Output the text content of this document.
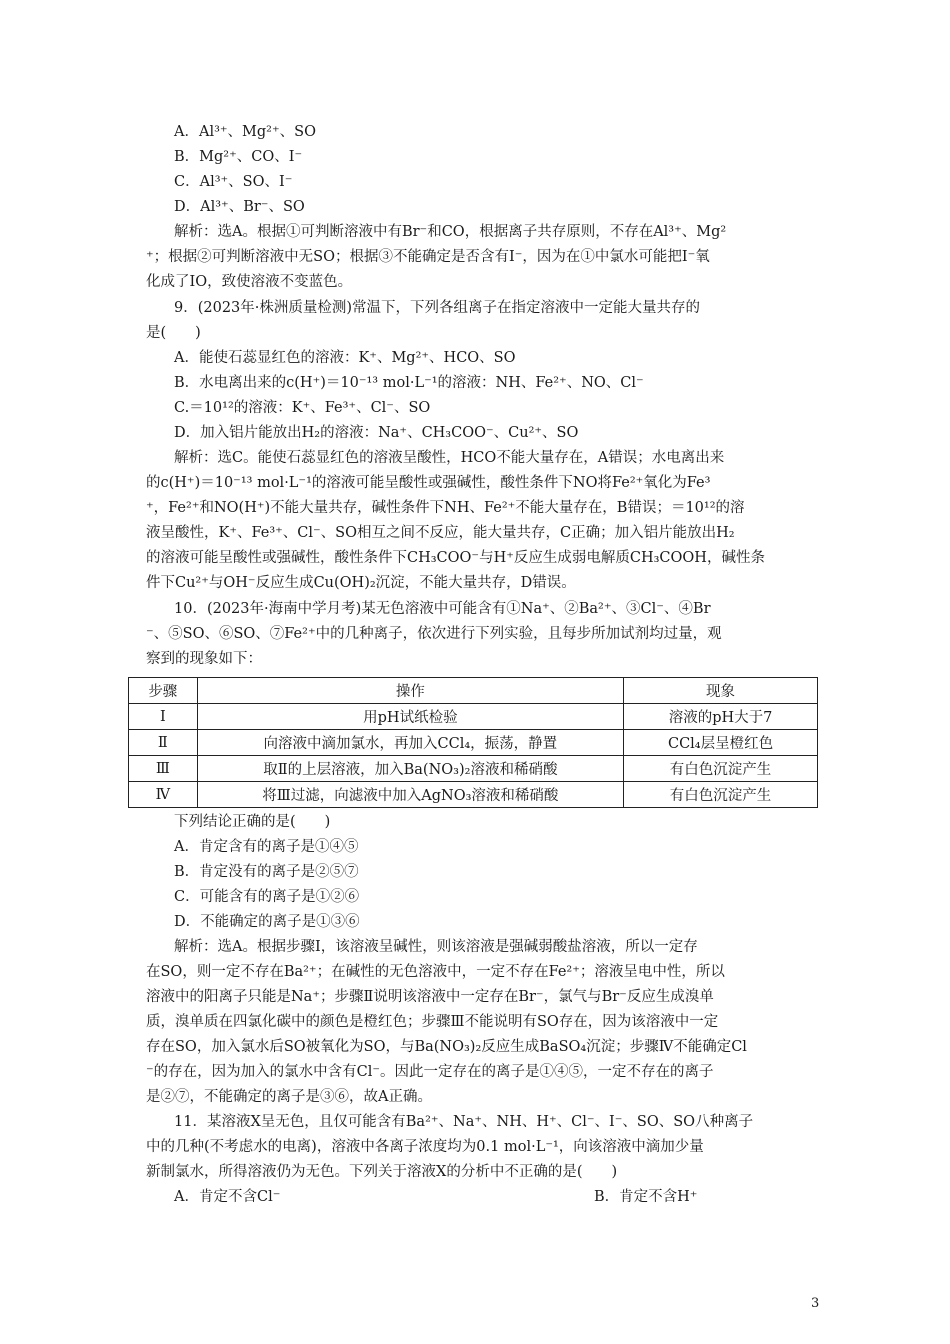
A．Al³⁺、Mg²⁺、SO
B．Mg²⁺、CO、I⁻
C．Al³⁺、SO、I⁻
D．Al³⁺、Br⁻、SO
解析：选A。根据①可判断溶液中有Br⁻和CO，根据离子共存原则，不存在Al³⁺、Mg²
⁺；根据②可判断溶液中无SO；根据③不能确定是否含有I⁻，因为在①中氯水可能把I⁻氧
化成了IO，致使溶液不变蓝色。
9．(2023年·株洲质量检测)常温下，下列各组离子在指定溶液中一定能大量共存的
是(　　)
A．能使石蕊显红色的溶液：K⁺、Mg²⁺、HCO、SO
B．水电离出来的c(H⁺)＝10⁻¹³ mol·L⁻¹的溶液：NH、Fe²⁺、NO、Cl⁻
C.＝10¹²的溶液：K⁺、Fe³⁺、Cl⁻、SO
D．加入铝片能放出H₂的溶液：Na⁺、CH₃COO⁻、Cu²⁺、SO
解析：选C。能使石蕊显红色的溶液呈酸性，HCO不能大量存在，A错误；水电离出来
的c(H⁺)＝10⁻¹³ mol·L⁻¹的溶液可能呈酸性或强碱性，酸性条件下NO将Fe²⁺氧化为Fe³
⁺，Fe²⁺和NO(H⁺)不能大量共存，碱性条件下NH、Fe²⁺不能大量存在，B错误；＝10¹²的溶
液呈酸性，K⁺、Fe³⁺、Cl⁻、SO相互之间不反应，能大量共存，C正确；加入铝片能放出H₂
的溶液可能呈酸性或强碱性，酸性条件下CH₃COO⁻与H⁺反应生成弱电解质CH₃COOH，碱性条
件下Cu²⁺与OH⁻反应生成Cu(OH)₂沉淀，不能大量共存，D错误。
10．(2023年·海南中学月考)某无色溶液中可能含有①Na⁺、②Ba²⁺、③Cl⁻、④Br
⁻、⑤SO、⑥SO、⑦Fe²⁺中的几种离子，依次进行下列实验，且每步所加试剂均过量，观
察到的现象如下：
步骤	操作	现象
Ⅰ	用pH试纸检验	溶液的pH大于7
Ⅱ	向溶液中滴加氯水，再加入CCl₄，振荡，静置	CCl₄层呈橙红色
Ⅲ	取Ⅱ的上层溶液，加入Ba(NO₃)₂溶液和稀硝酸	有白色沉淀产生
Ⅳ	将Ⅲ过滤，向滤液中加入AgNO₃溶液和稀硝酸	有白色沉淀产生
下列结论正确的是(　　)
A．肯定含有的离子是①④⑤
B．肯定没有的离子是②⑤⑦
C．可能含有的离子是①②⑥
D．不能确定的离子是①③⑥
解析：选A。根据步骤Ⅰ，该溶液呈碱性，则该溶液是强碱弱酸盐溶液，所以一定存
在SO，则一定不存在Ba²⁺；在碱性的无色溶液中，一定不存在Fe²⁺；溶液呈电中性，所以
溶液中的阳离子只能是Na⁺；步骤Ⅱ说明该溶液中一定存在Br⁻，氯气与Br⁻反应生成溴单
质，溴单质在四氯化碳中的颜色是橙红色；步骤Ⅲ不能说明有SO存在，因为该溶液中一定
存在SO，加入氯水后SO被氧化为SO，与Ba(NO₃)₂反应生成BaSO₄沉淀；步骤Ⅳ不能确定Cl
⁻的存在，因为加入的氯水中含有Cl⁻。因此一定存在的离子是①④⑤，一定不存在的离子
是②⑦，不能确定的离子是③⑥，故A正确。
11．某溶液X呈无色，且仅可能含有Ba²⁺、Na⁺、NH、H⁺、Cl⁻、I⁻、SO、SO八种离子
中的几种(不考虑水的电离)，溶液中各离子浓度均为0.1 mol·L⁻¹，向该溶液中滴加少量
新制氯水，所得溶液仍为无色。下列关于溶液X的分析中不正确的是(　　)
A．肯定不含Cl⁻	B．肯定不含H⁺
3
